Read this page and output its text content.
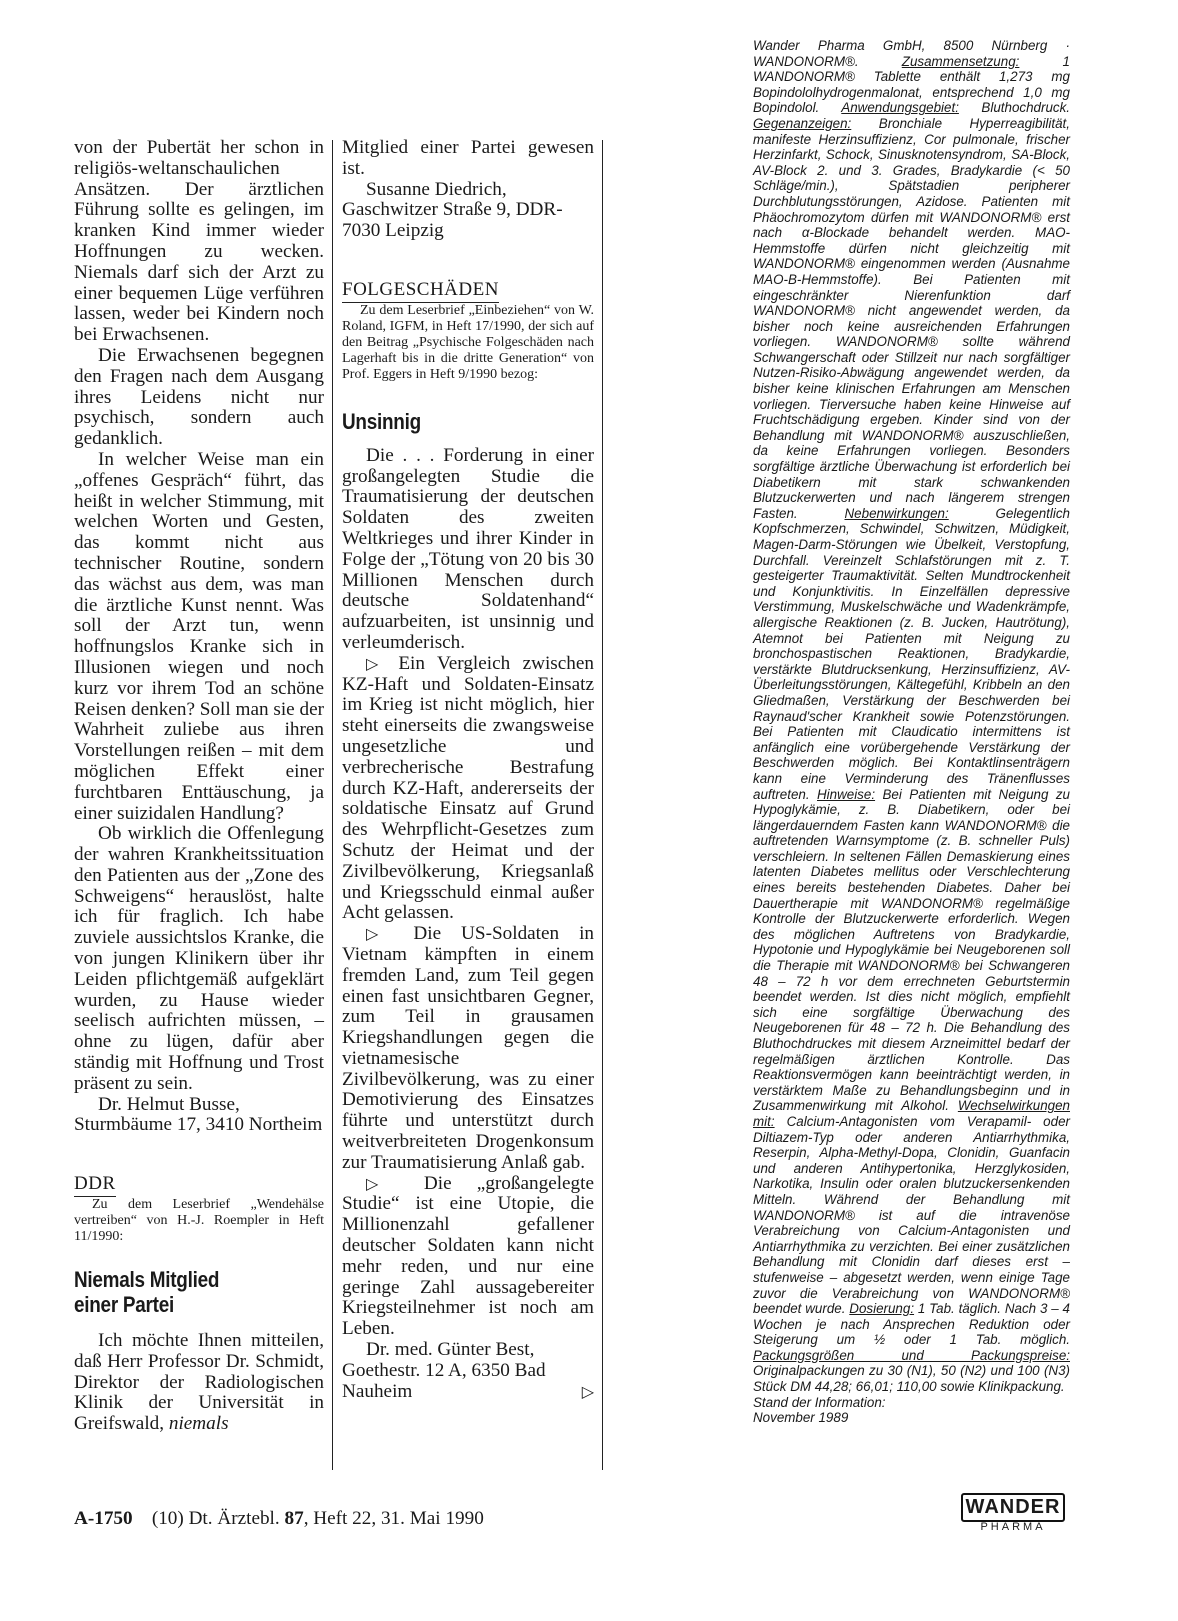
von der Pubertät her schon in religiös-weltanschaulichen Ansätzen. Der ärztlichen Führung sollte es gelingen, im kranken Kind immer wieder Hoffnungen zu wecken. Niemals darf sich der Arzt zu einer bequemen Lüge verführen lassen, weder bei Kindern noch bei Erwachsenen.

Die Erwachsenen begegnen den Fragen nach dem Ausgang ihres Leidens nicht nur psychisch, sondern auch gedanklich.

In welcher Weise man ein „offenes Gespräch“ führt, das heißt in welcher Stimmung, mit welchen Worten und Gesten, das kommt nicht aus technischer Routine, sondern das wächst aus dem, was man die ärztliche Kunst nennt. Was soll der Arzt tun, wenn hoffnungslos Kranke sich in Illusionen wiegen und noch kurz vor ihrem Tod an schöne Reisen denken? Soll man sie der Wahrheit zuliebe aus ihren Vorstellungen reißen – mit dem möglichen Effekt einer furchtbaren Enttäuschung, ja einer suizidalen Handlung?

Ob wirklich die Offenlegung der wahren Krankheitssituation den Patienten aus der „Zone des Schweigens“ herauslöst, halte ich für fraglich. Ich habe zuviele aussichtslos Kranke, die von jungen Klinikern über ihr Leiden pflichtgemäß aufgeklärt wurden, zu Hause wieder seelisch aufrichten müssen, – ohne zu lügen, dafür aber ständig mit Hoffnung und Trost präsent zu sein.

Dr. Helmut Busse, Sturmbäume 17, 3410 Northeim

DDR

Zu dem Leserbrief „Wendehälse vertreiben“ von H.-J. Roempler in Heft 11/1990:

Niemals Mitglied
einer Partei

Ich möchte Ihnen mitteilen, daß Herr Professor Dr. Schmidt, Direktor der Radiologischen Klinik der Universität in Greifswald, niemals

Mitglied einer Partei gewesen ist.

Susanne Diedrich, Gaschwitzer Straße 9, DDR-7030 Leipzig

FOLGESCHÄDEN

Zu dem Leserbrief „Einbeziehen“ von W. Roland, IGFM, in Heft 17/1990, der sich auf den Beitrag „Psychische Folgeschäden nach Lagerhaft bis in die dritte Generation“ von Prof. Eggers in Heft 9/1990 bezog:

Unsinnig

Die . . . Forderung in einer großangelegten Studie die Traumatisierung der deutschen Soldaten des zweiten Weltkrieges und ihrer Kinder in Folge der „Tötung von 20 bis 30 Millionen Menschen durch deutsche Soldatenhand“ aufzuarbeiten, ist unsinnig und verleumderisch.

▷ Ein Vergleich zwischen KZ-Haft und Soldaten-Einsatz im Krieg ist nicht möglich, hier steht einerseits die zwangsweise ungesetzliche und verbrecherische Bestrafung durch KZ-Haft, andererseits der soldatische Einsatz auf Grund des Wehrpflicht-Gesetzes zum Schutz der Heimat und der Zivilbevölkerung, Kriegsanlaß und Kriegsschuld einmal außer Acht gelassen.

▷ Die US-Soldaten in Vietnam kämpften in einem fremden Land, zum Teil gegen einen fast unsichtbaren Gegner, zum Teil in grausamen Kriegshandlungen gegen die vietnamesische Zivilbevölkerung, was zu einer Demotivierung des Einsatzes führte und unterstützt durch weitverbreiteten Drogenkonsum zur Traumatisierung Anlaß gab.

▷ Die „großangelegte Studie“ ist eine Utopie, die Millionenzahl gefallener deutscher Soldaten kann nicht mehr reden, und nur eine geringe Zahl aussagebereiter Kriegsteilnehmer ist noch am Leben.

Dr. med. Günter Best, Goethestr. 12 A, 6350 Bad Nauheim	▷

Wander Pharma GmbH, 8500 Nürnberg · WANDONORM®.	Zusammensetzung: 1 WANDONORM® Tablette enthält 1,273 mg Bopindololhydrogenmalonat, entsprechend 1,0 mg Bopindolol. Anwendungsgebiet: Bluthochdruck. Gegenanzeigen: Bronchiale Hyperreagibilität, manifeste Herzinsuffizienz, Cor pulmonale, frischer Herzinfarkt, Schock, Sinusknotensyndrom, SA-Block, AV-Block 2. und 3. Grades, Bradykardie (< 50 Schläge/min.), Spätstadien peripherer Durchblutungsstörungen, Azidose. Patienten mit Phäochromozytom dürfen mit WANDONORM® erst nach α-Blockade behandelt werden. MAO-Hemmstoffe dürfen nicht gleichzeitig mit WANDONORM® eingenommen werden (Ausnahme MAO-B-Hemmstoffe). Bei Patienten mit eingeschränkter Nierenfunktion darf WANDONORM® nicht angewendet werden, da bisher noch keine ausreichenden Erfahrungen vorliegen. WANDONORM® sollte während Schwangerschaft oder Stillzeit nur nach sorgfältiger Nutzen-Risiko-Abwägung angewendet werden, da bisher keine klinischen Erfahrungen am Menschen vorliegen. Tierversuche haben keine Hinweise auf Fruchtschädigung ergeben. Kinder sind von der Behandlung mit WANDONORM® auszuschließen, da keine Erfahrungen vorliegen. Besonders sorgfältige ärztliche Überwachung ist erforderlich bei Diabetikern mit stark schwankenden Blutzuckerwerten und nach längerem strengen Fasten. Nebenwirkungen: Gelegentlich Kopfschmerzen, Schwindel, Schwitzen, Müdigkeit, Magen-Darm-Störungen wie Übelkeit, Verstopfung, Durchfall. Vereinzelt Schlafstörungen mit z. T. gesteigerter Traumaktivität. Selten Mundtrockenheit und Konjunktivitis. In Einzelfällen depressive Verstimmung, Muskelschwäche und Wadenkrämpfe, allergische Reaktionen (z. B. Jucken, Hautrötung), Atemnot bei Patienten mit Neigung zu bronchospastischen Reaktionen, Bradykardie, verstärkte Blutdrucksenkung, Herzinsuffizienz, AV-Überleitungsstörungen, Kältegefühl, Kribbeln an den Gliedmaßen, Verstärkung der Beschwerden bei Raynaud'scher Krankheit sowie Potenzstörungen. Bei Patienten mit Claudicatio intermittens ist anfänglich eine vorübergehende Verstärkung der Beschwerden möglich. Bei Kontaktlinsenträgern kann eine Verminderung des Tränenflusses auftreten. Hinweise: Bei Patienten mit Neigung zu Hypoglykämie, z. B. Diabetikern, oder bei längerdauerndem Fasten kann WANDONORM® die auftretenden Warnsymptome (z. B. schneller Puls) verschleiern. In seltenen Fällen Demaskierung eines latenten Diabetes mellitus oder Verschlechterung eines bereits bestehenden Diabetes. Daher bei Dauertherapie mit WANDONORM® regelmäßige Kontrolle der Blutzuckerwerte erforderlich. Wegen des möglichen Auftretens von Bradykardie, Hypotonie und Hypoglykämie bei Neugeborenen soll die Therapie mit WANDONORM® bei Schwangeren 48 – 72 h vor dem errechneten Geburtstermin beendet werden. Ist dies nicht möglich, empfiehlt sich eine sorgfältige Überwachung des Neugeborenen für 48 – 72 h. Die Behandlung des Bluthochdruckes mit diesem Arzneimittel bedarf der regelmäßigen ärztlichen Kontrolle. Das Reaktionsvermögen kann beeinträchtigt werden, in verstärktem Maße zu Behandlungsbeginn und in Zusammenwirkung mit Alkohol. Wechselwirkungen mit: Calcium-Antagonisten vom Verapamil- oder Diltiazem-Typ oder anderen Antiarrhythmika, Reserpin, Alpha-Methyl-Dopa, Clonidin, Guanfacin und anderen Antihypertonika, Herzglykosiden, Narkotika, Insulin oder oralen blutzuckersenkenden Mitteln. Während der Behandlung mit WANDONORM® ist auf die intravenöse Verabreichung von Calcium-Antagonisten und Antiarrhythmika zu verzichten. Bei einer zusätzlichen Behandlung mit Clonidin darf dieses erst – stufenweise – abgesetzt werden, wenn einige Tage zuvor die Verabreichung von WANDONORM® beendet wurde. Dosierung: 1 Tab. täglich. Nach 3 – 4 Wochen je nach Ansprechen Reduktion oder Steigerung um ½ oder 1 Tab. möglich. Packungsgrößen und Packungspreise: Originalpackungen zu 30 (N1), 50 (N2) und 100 (N3) Stück DM 44,28; 66,01; 110,00 sowie Klinikpackung.
Stand der Information: November 1989
WANDER
PHARMA
A-1750 (10) Dt. Ärztebl. 87, Heft 22, 31. Mai 1990
